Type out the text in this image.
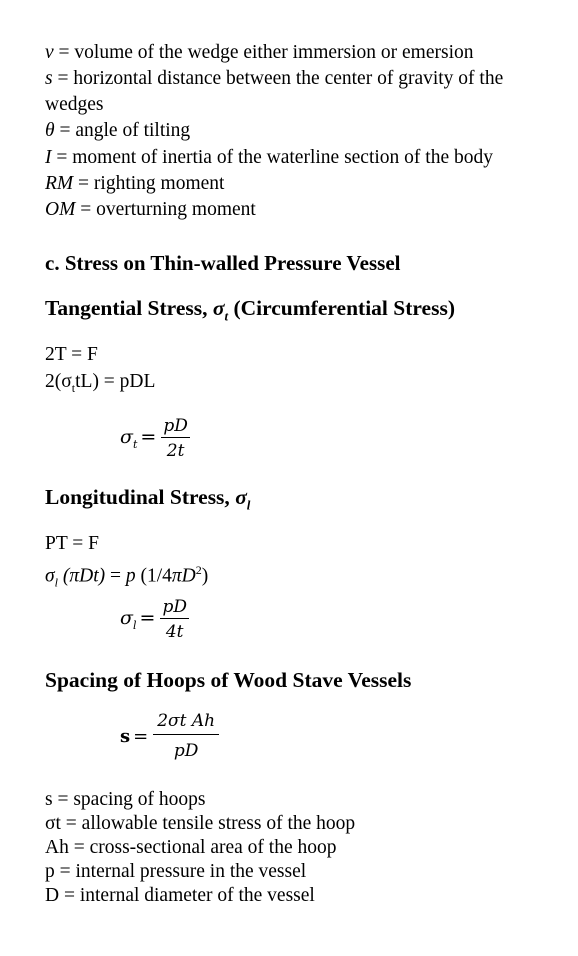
v = volume of the wedge either immersion or emersion
s = horizontal distance between the center of gravity of the
wedges
θ = angle of tilting
I = moment of inertia of the waterline section of the body
RM = righting moment
OM = overturning moment
c. Stress on Thin-walled Pressure Vessel
Tangential Stress, $\sigma_t$ (Circumferential Stress)
2T = F
$2(\sigma_ttL)$ = pDL
$\sigma_t = \frac{pD}{2t}$
Longitudinal Stress, $\sigma_l$
PT = F
$\sigma_l$ (πDt) = p $(1/4\pi D^2)$
$\sigma_l = \frac{pD}{4t}$
Spacing of Hoops of Wood Stave Vessels
$s = \frac{\text{2σt Ah}}{pD}$
s = spacing of hoops
σt = allowable tensile stress of the hoop
Ah = cross-sectional area of the hoop
p = internal pressure in the vessel
D = internal diameter of the vessel
